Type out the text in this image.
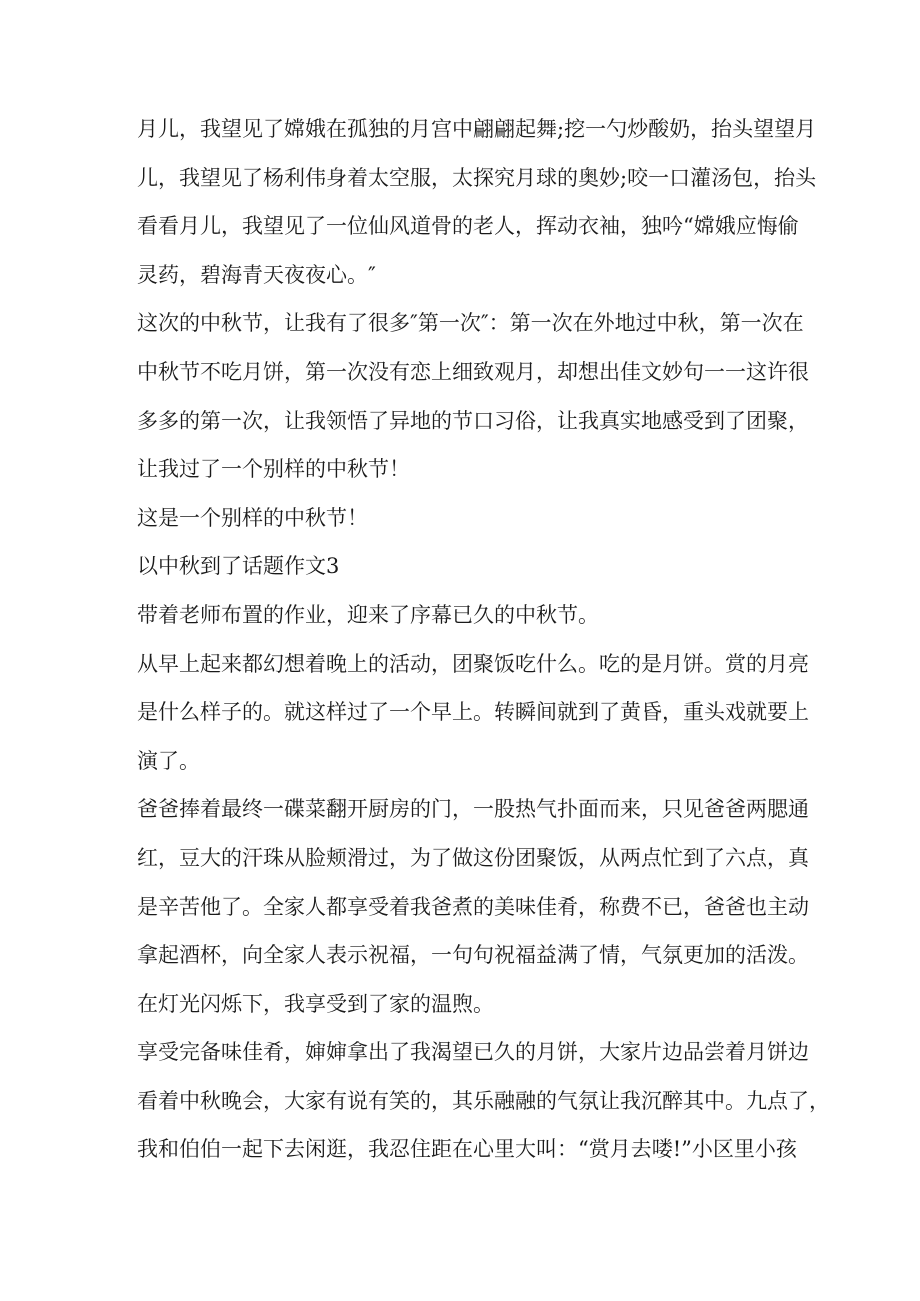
月儿，我望见了嫦娥在孤独的月宫中翩翩起舞;挖一勺炒酸奶，抬头望望月
儿，我望见了杨利伟身着太空服，太探究月球的奥妙;咬一口灌汤包，抬头
看看月儿，我望见了一位仙风道骨的老人，挥动衣袖，独吟“嫦娥应悔偷
灵药，碧海青天夜夜心。″
这次的中秋节，让我有了很多″第一次″：第一次在外地过中秋，第一次在
中秋节不吃月饼，第一次没有恋上细致观月，却想出佳文妙句一一这许很
多多的第一次，让我领悟了异地的节口习俗，让我真实地感受到了团聚，
让我过了一个别样的中秋节！
这是一个别样的中秋节！
以中秋到了话题作文3
带着老师布置的作业，迎来了序幕已久的中秋节。
从早上起来都幻想着晚上的活动，团聚饭吃什么。吃的是月饼。赏的月亮
是什么样子的。就这样过了一个早上。转瞬间就到了黄昏，重头戏就要上
演了。
爸爸捧着最终一碟菜翻开厨房的门，一股热气扑面而来，只见爸爸两腮通
红，豆大的汗珠从脸颊滑过，为了做这份团聚饭，从两点忙到了六点，真
是辛苦他了。全家人都享受着我爸煮的美味佳肴，称费不已，爸爸也主动
拿起酒杯，向全家人表示祝福，一句句祝福益满了情，气氛更加的活泼。
在灯光闪烁下，我享受到了家的温煦。
享受完备味佳肴，婶婶拿出了我渴望已久的月饼，大家片边品尝着月饼边
看着中秋晚会，大家有说有笑的，其乐融融的气氛让我沉醉其中。九点了，
我和伯伯一起下去闲逛，我忍住距在心里大叫：“赏月去喽!”小区里小孩
